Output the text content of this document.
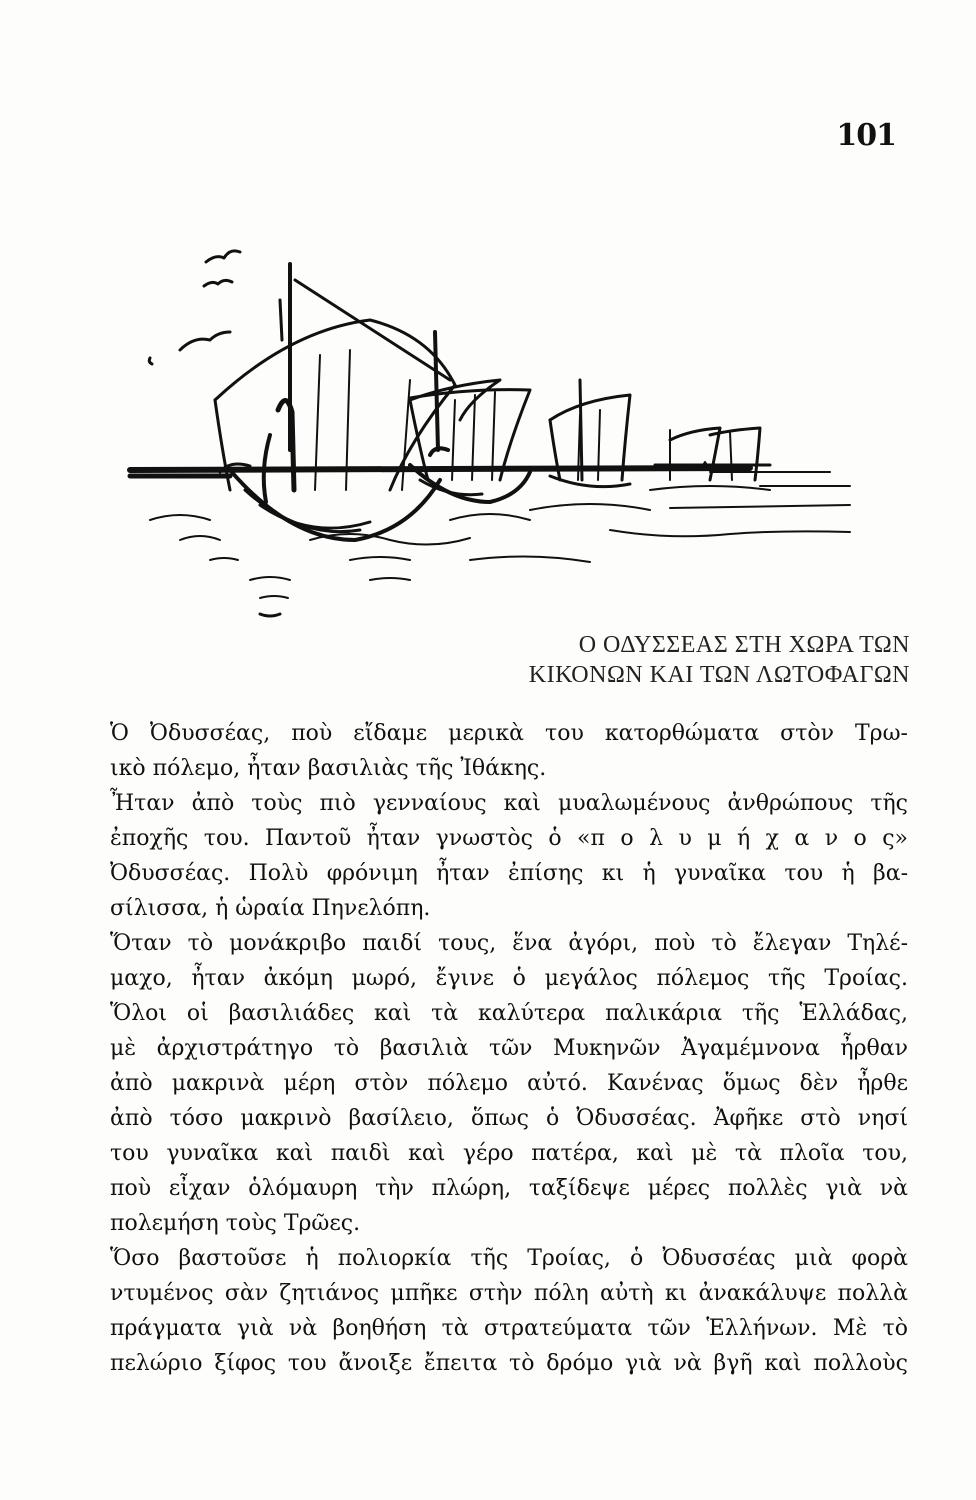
101
Ο ΟΔΥΣΣΕΑΣ ΣΤΗ ΧΩΡΑ ΤΩΝ
ΚΙΚΟΝΩΝ ΚΑΙ ΤΩΝ ΛΩΤΟΦΑΓΩΝ
Ὁ Ὀδυσσέας, ποὺ εἴδαμε μερικὰ του κατορθώματα στὸν Τρω-
ικὸ πόλεμο, ἦταν βασιλιὰς τῆς Ἰθάκης.
Ἦταν ἀπὸ τοὺς πιὸ γενναίους καὶ μυαλωμένους ἀνθρώπους τῆς
ἐποχῆς του. Παντοῦ ἦταν γνωστὸς ὁ «π ο λ υ μ ή χ α ν ο ς»
Ὀδυσσέας. Πολὺ φρόνιμη ἦταν ἐπίσης κι ἡ γυναῖκα του ἡ βα-
σίλισσα, ἡ ὡραία Πηνελόπη.
Ὅταν τὸ μονάκριβο παιδί τους, ἕνα ἀγόρι, ποὺ τὸ ἔλεγαν Τηλέ-
μαχο, ἦταν ἀκόμη μωρό, ἔγινε ὁ μεγάλος πόλεμος τῆς Τροίας.
Ὅλοι οἱ βασιλιάδες καὶ τὰ καλύτερα παλικάρια τῆς Ἑλλάδας,
μὲ ἀρχιστράτηγο τὸ βασιλιὰ τῶν Μυκηνῶν Ἀγαμέμνονα ἦρθαν
ἀπὸ μακρινὰ μέρη στὸν πόλεμο αὐτό. Κανένας ὅμως δὲν ἦρθε
ἀπὸ τόσο μακρινὸ βασίλειο, ὅπως ὁ Ὀδυσσέας. Ἀφῆκε στὸ νησί
του γυναῖκα καὶ παιδὶ καὶ γέρο πατέρα, καὶ μὲ τὰ πλοῖα του,
ποὺ εἶχαν ὁλόμαυρη τὴν πλώρη, ταξίδεψε μέρες πολλὲς γιὰ νὰ
πολεμήση τοὺς Τρῶες.
Ὅσο βαστοῦσε ἡ πολιορκία τῆς Τροίας, ὁ Ὀδυσσέας μιὰ φορὰ
ντυμένος σὰν ζητιάνος μπῆκε στὴν πόλη αὐτὴ κι ἀνακάλυψε πολλὰ
πράγματα γιὰ νὰ βοηθήση τὰ στρατεύματα τῶν Ἑλλήνων. Μὲ τὸ
πελώριο ξίφος του ἄνοιξε ἔπειτα τὸ δρόμο γιὰ νὰ βγῆ καὶ πολλοὺς
